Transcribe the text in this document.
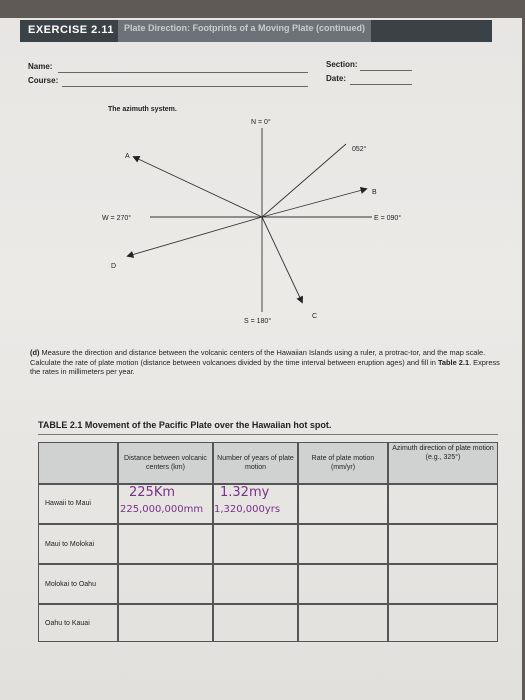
EXERCISE 2.11	Plate Direction: Footprints of a Moving Plate (continued)
Name:
Course:
Section:
Date:
The azimuth system.
N = 0°
S = 180°
E = 090°
W = 270°
052°
A
B
C
D
(d) Measure the direction and distance between the volcanic centers of the Hawaiian Islands using a ruler, a protrac-tor, and the map scale. Calculate the rate of plate motion (distance between volcanoes divided by the time interval between eruption ages) and fill in Table 2.1. Express the rates in millimeters per year.
TABLE 2.1 Movement of the Pacific Plate over the Hawaiian hot spot.
Distance between volcanic centers (km)
Number of years of plate motion
Rate of plate motion (mm/yr)
Azimuth direction of plate motion (e.g., 325°)
Hawaii to Maui
225Km
225,000,000mm
1.32my
1,320,000yrs
Maui to Molokai
Molokai to Oahu
Oahu to Kauai
